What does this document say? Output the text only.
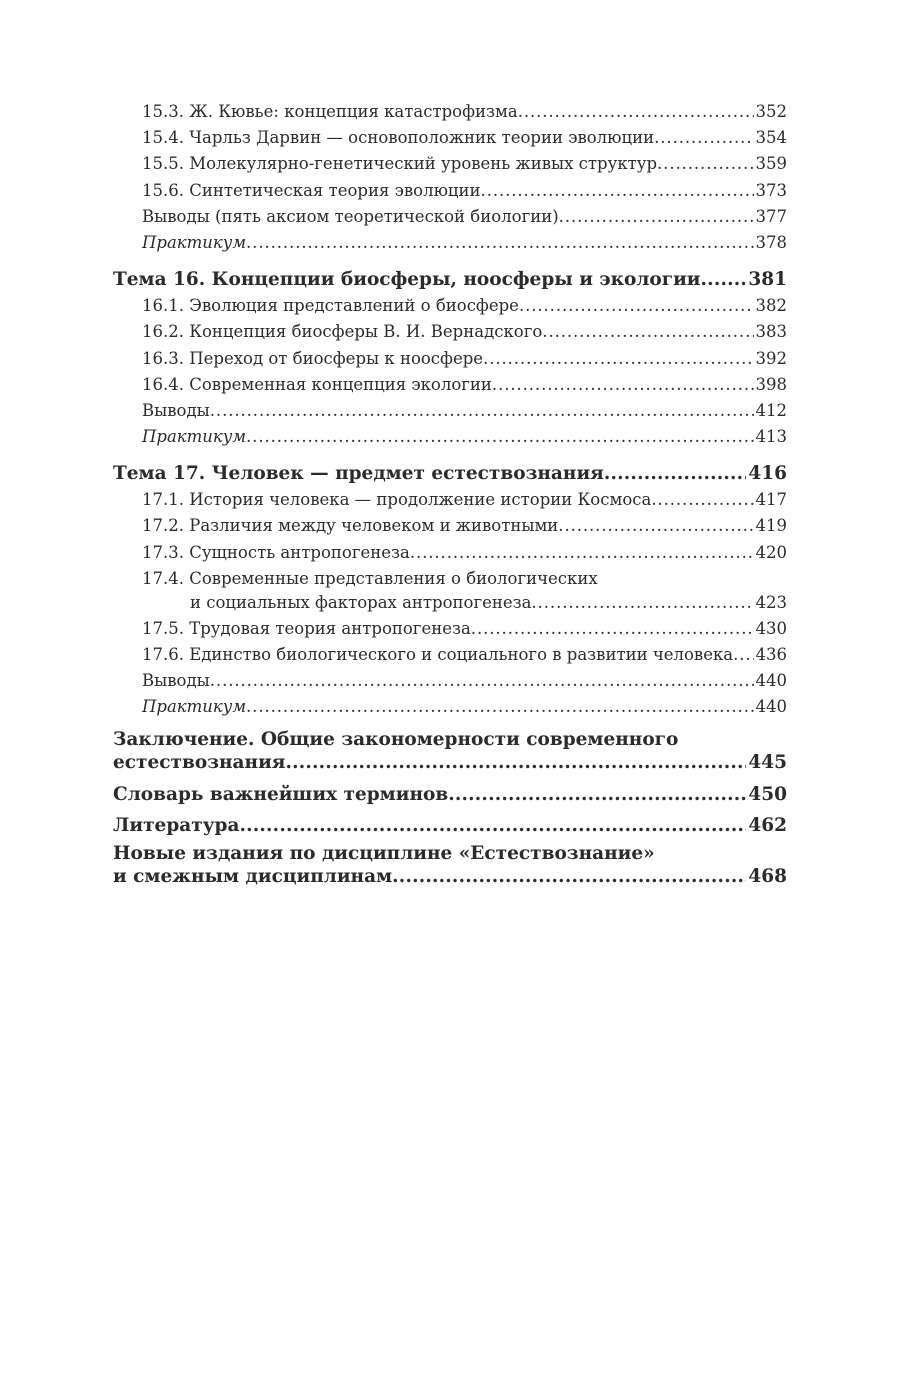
15.3. Ж. Кювье: концепция катастрофизма .....	352
15.4. Чарльз Дарвин — основоположник теории эволюции .....	354
15.5. Молекулярно-генетический уровень живых структур .....	359
15.6. Синтетическая теория эволюции .....	373
Выводы (пять аксиом теоретической биологии) .....	377
Практикум .....	378
Тема 16. Концепции биосферы, ноосферы и экологии .....	381
16.1. Эволюция представлений о биосфере .....	382
16.2. Концепция биосферы В. И. Вернадского .....	383
16.3. Переход от биосферы к ноосфере .....	392
16.4. Современная концепция экологии .....	398
Выводы .....	412
Практикум .....	413
Тема 17. Человек — предмет естествознания .....	416
17.1. История человека — продолжение истории Космоса .....	417
17.2. Различия между человеком и животными .....	419
17.3. Сущность антропогенеза .....	420
17.4. Современные представления о биологических
и социальных факторах антропогенеза .....	423
17.5. Трудовая теория антропогенеза .....	430
17.6. Единство биологического и социального в развитии человека ..... 436
Выводы .....	440
Практикум .....	440
Заключение. Общие закономерности современного
естествознания .....	445
Словарь важнейших терминов .....	450
Литература .....	462
Новые издания по дисциплине «Естествознание»
и смежным дисциплинам .....	468
